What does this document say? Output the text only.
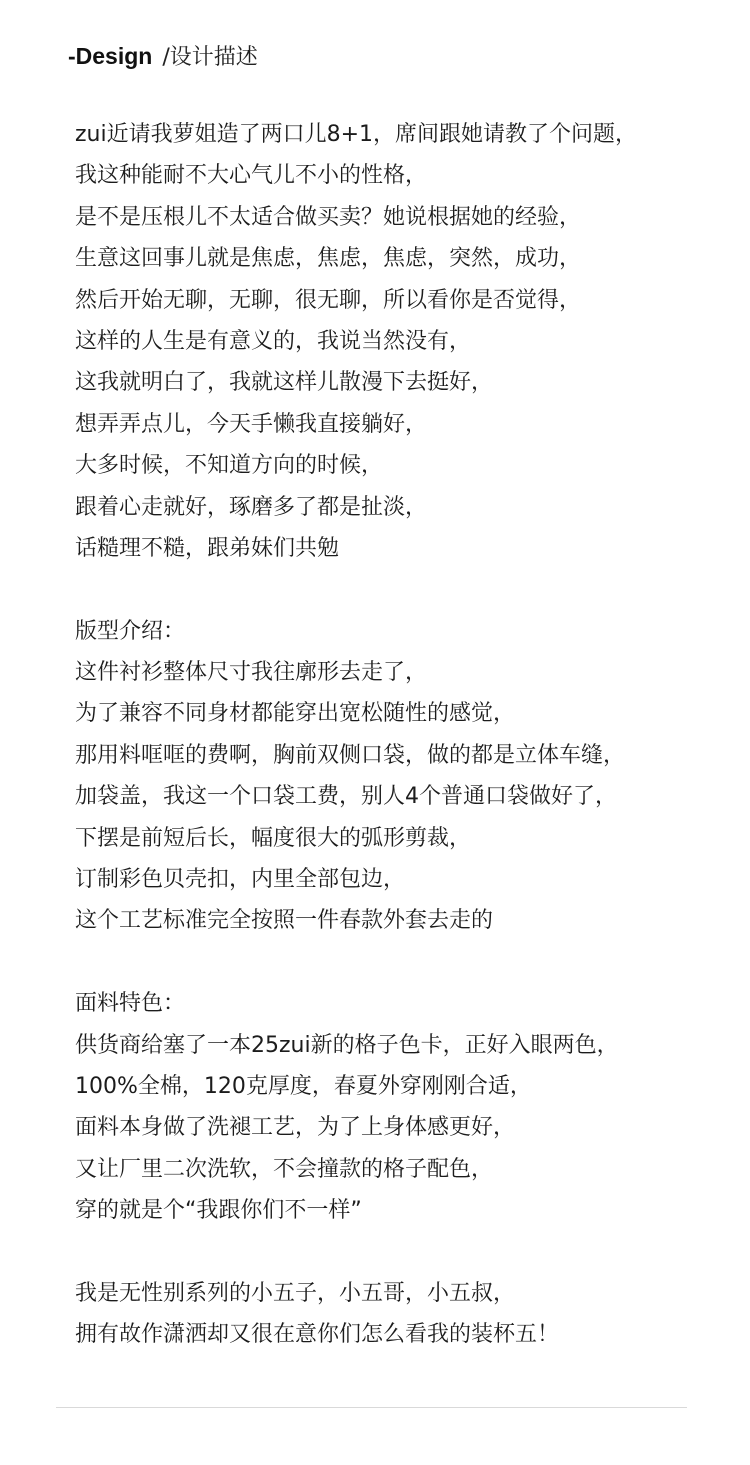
-Design /设计描述
zui近请我萝姐造了两口儿8+1，席间跟她请教了个问题，
我这种能耐不大心气儿不小的性格，
是不是压根儿不太适合做买卖？她说根据她的经验，
生意这回事儿就是焦虑，焦虑，焦虑，突然，成功，
然后开始无聊，无聊，很无聊，所以看你是否觉得，
这样的人生是有意义的，我说当然没有，
这我就明白了，我就这样儿散漫下去挺好，
想弄弄点儿，今天手懒我直接躺好，
大多时候，不知道方向的时候，
跟着心走就好，琢磨多了都是扯淡，
话糙理不糙，跟弟妹们共勉
版型介绍：
这件衬衫整体尺寸我往廓形去走了，
为了兼容不同身材都能穿出宽松随性的感觉，
那用料哐哐的费啊，胸前双侧口袋，做的都是立体车缝，
加袋盖，我这一个口袋工费，别人4个普通口袋做好了，
下摆是前短后长，幅度很大的弧形剪裁，
订制彩色贝壳扣，内里全部包边，
这个工艺标准完全按照一件春款外套去走的
面料特色：
供货商给塞了一本25zui新的格子色卡，正好入眼两色，
100%全棉，120克厚度，春夏外穿刚刚合适，
面料本身做了洗褪工艺，为了上身体感更好，
又让厂里二次洗软，不会撞款的格子配色，
穿的就是个“我跟你们不一样”
我是无性别系列的小五子，小五哥，小五叔，
拥有故作潇洒却又很在意你们怎么看我的装杯五！
